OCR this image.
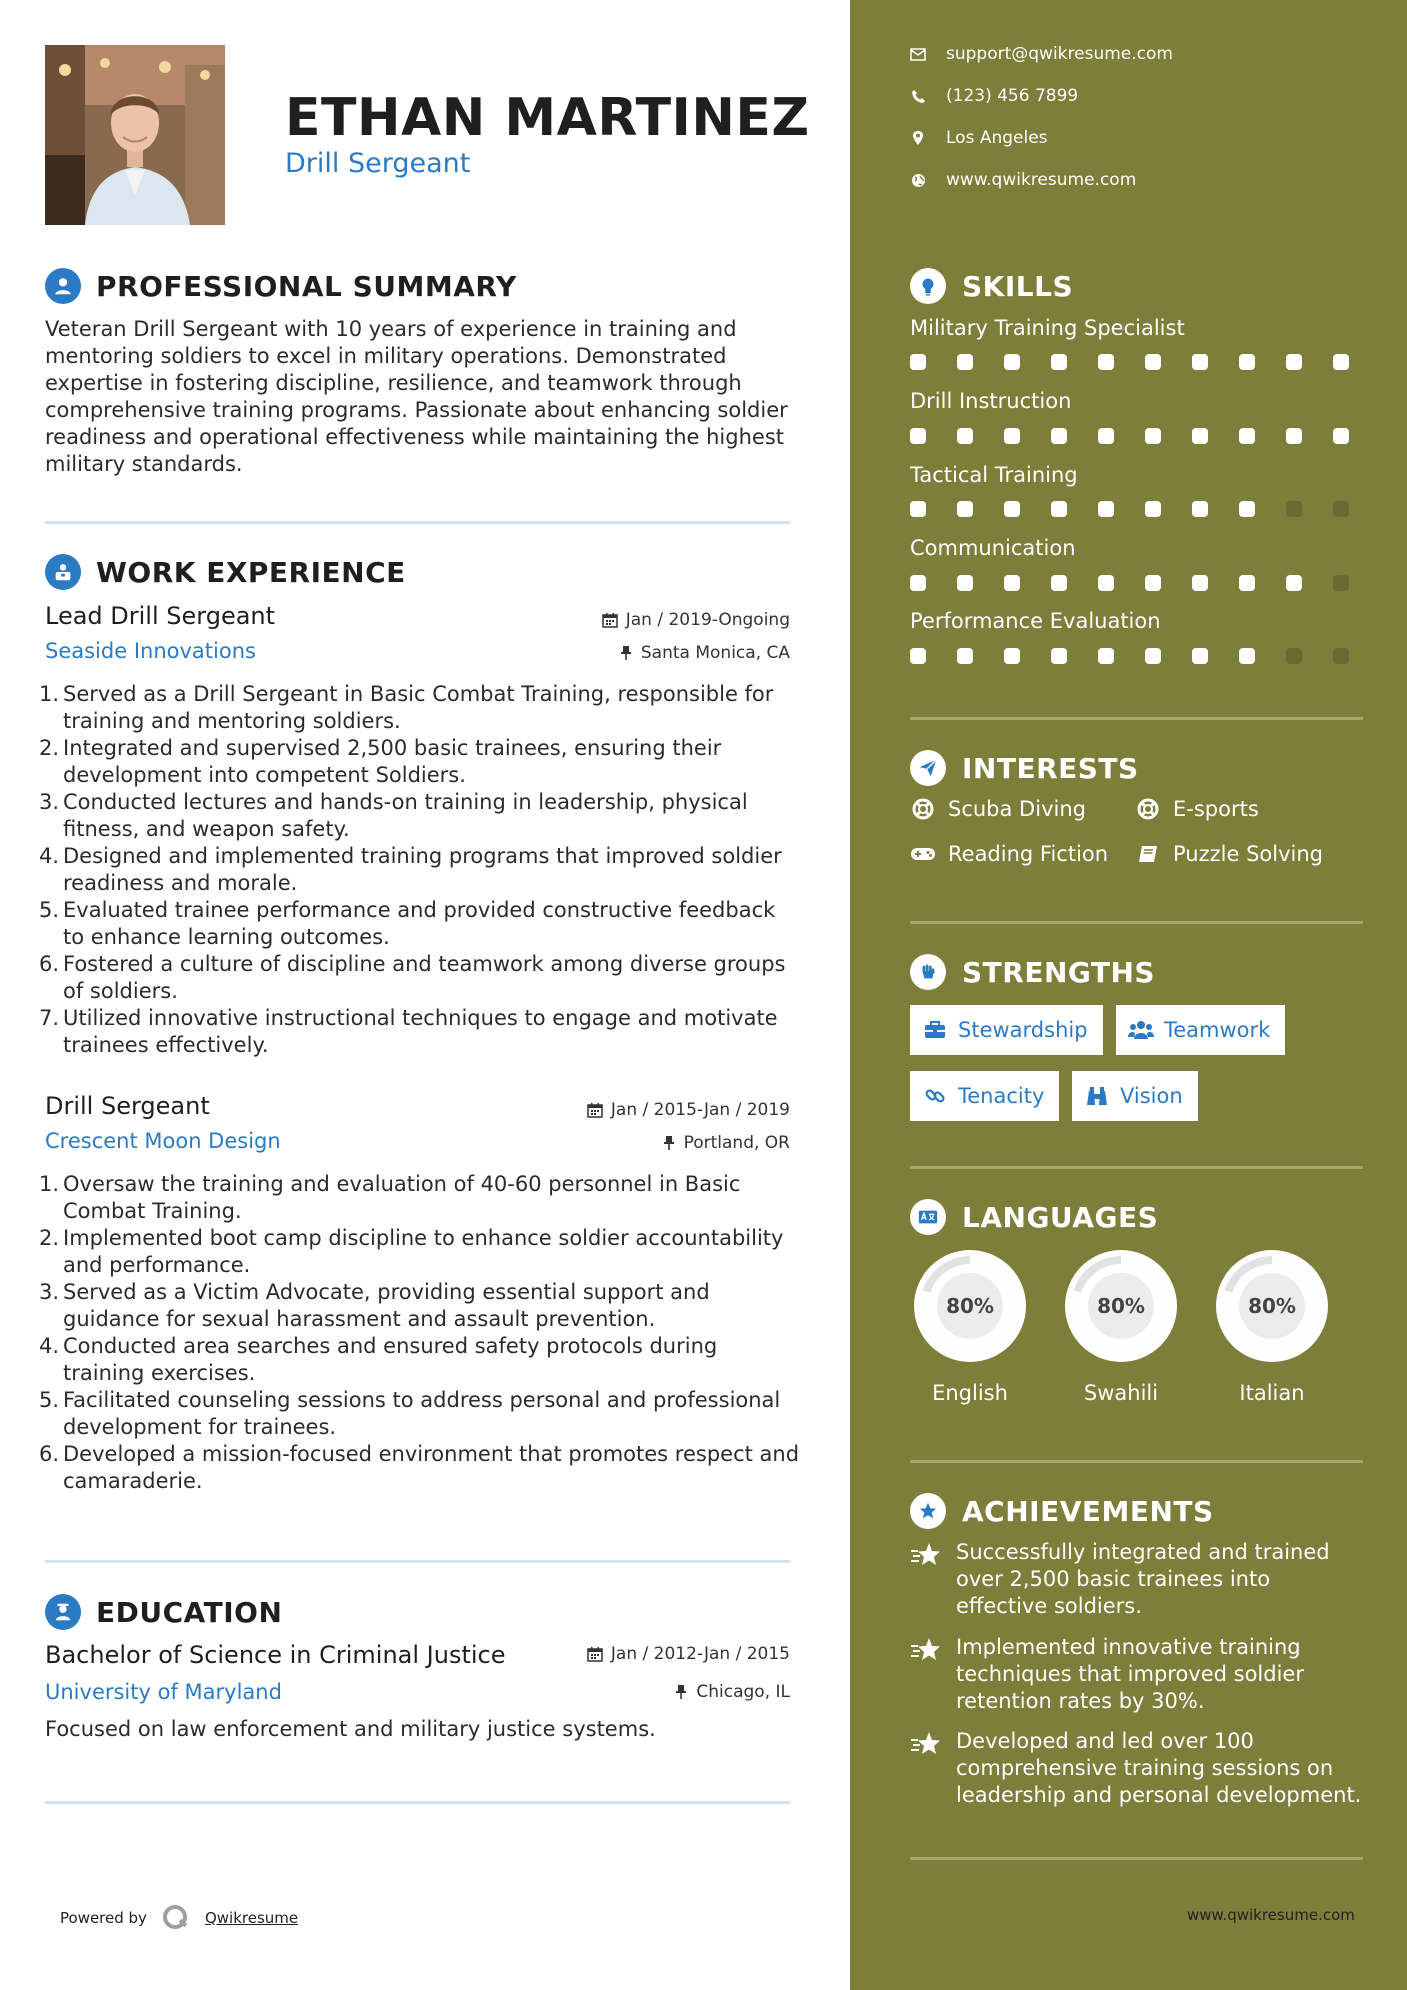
ETHAN MARTINEZ
Drill Sergeant
PROFESSIONAL SUMMARY
Veteran Drill Sergeant with 10 years of experience in training and mentoring soldiers to excel in military operations. Demonstrated expertise in fostering discipline, resilience, and teamwork through comprehensive training programs. Passionate about enhancing soldier readiness and operational effectiveness while maintaining the highest military standards.
WORK EXPERIENCE
Lead Drill Sergeant	Jan / 2019-Ongoing
Seaside Innovations	Santa Monica, CA
1. Served as a Drill Sergeant in Basic Combat Training, responsible for training and mentoring soldiers.
2. Integrated and supervised 2,500 basic trainees, ensuring their development into competent Soldiers.
3. Conducted lectures and hands-on training in leadership, physical fitness, and weapon safety.
4. Designed and implemented training programs that improved soldier readiness and morale.
5. Evaluated trainee performance and provided constructive feedback to enhance learning outcomes.
6. Fostered a culture of discipline and teamwork among diverse groups of soldiers.
7. Utilized innovative instructional techniques to engage and motivate trainees effectively.
Drill Sergeant	Jan / 2015-Jan / 2019
Crescent Moon Design	Portland, OR
1. Oversaw the training and evaluation of 40-60 personnel in Basic Combat Training.
2. Implemented boot camp discipline to enhance soldier accountability and performance.
3. Served as a Victim Advocate, providing essential support and guidance for sexual harassment and assault prevention.
4. Conducted area searches and ensured safety protocols during training exercises.
5. Facilitated counseling sessions to address personal and professional development for trainees.
6. Developed a mission-focused environment that promotes respect and camaraderie.
EDUCATION
Bachelor of Science in Criminal Justice	Jan / 2012-Jan / 2015
University of Maryland	Chicago, IL
Focused on law enforcement and military justice systems.
Powered by	Qwikresume
support@qwikresume.com
(123) 456 7899
Los Angeles
www.qwikresume.com
SKILLS
Military Training Specialist
Drill Instruction
Tactical Training
Communication
Performance Evaluation
INTERESTS
Scuba Diving	E-sports
Reading Fiction	Puzzle Solving
STRENGTHS
Stewardship	Teamwork
Tenacity	Vision
LANGUAGES
80%
English
80%
Swahili
80%
Italian
ACHIEVEMENTS
Successfully integrated and trained over 2,500 basic trainees into effective soldiers.
Implemented innovative training techniques that improved soldier retention rates by 30%.
Developed and led over 100 comprehensive training sessions on leadership and personal development.
www.qwikresume.com
